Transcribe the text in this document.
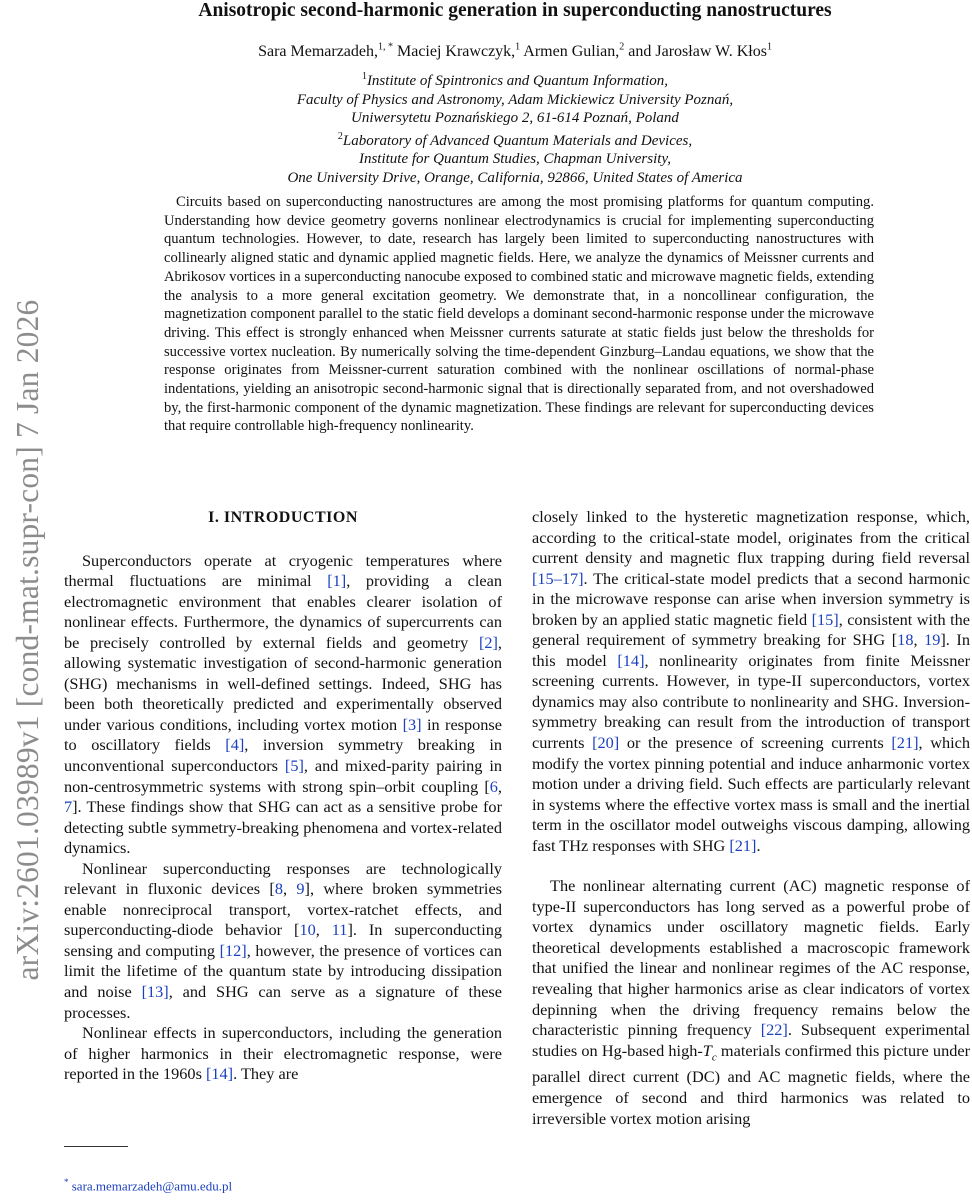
arXiv:2601.03989v1 [cond-mat.supr-con] 7 Jan 2026
Anisotropic second-harmonic generation in superconducting nanostructures
Sara Memarzadeh,$^{1, *}$ Maciej Krawczyk,$^1$ Armen Gulian,$^2$ and Jarosław W. Kłos$^1$
$^1$Institute of Spintronics and Quantum Information,
Faculty of Physics and Astronomy, Adam Mickiewicz University Poznań,
Uniwersytetu Poznańskiego 2, 61-614 Poznań, Poland
$^2$Laboratory of Advanced Quantum Materials and Devices,
Institute for Quantum Studies, Chapman University,
One University Drive, Orange, California, 92866, United States of America
Circuits based on superconducting nanostructures are among the most promising platforms for quantum computing. Understanding how device geometry governs nonlinear electrodynamics is crucial for implementing superconducting quantum technologies. However, to date, research has largely been limited to superconducting nanostructures with collinearly aligned static and dynamic applied magnetic fields. Here, we analyze the dynamics of Meissner currents and Abrikosov vortices in a superconducting nanocube exposed to combined static and microwave magnetic fields, extending the analysis to a more general excitation geometry. We demonstrate that, in a noncollinear configuration, the magnetization component parallel to the static field develops a dominant second-harmonic response under the microwave driving. This effect is strongly enhanced when Meissner currents saturate at static fields just below the thresholds for successive vortex nucleation. By numerically solving the time-dependent Ginzburg–Landau equations, we show that the response originates from Meissner-current saturation combined with the nonlinear oscillations of normal-phase indentations, yielding an anisotropic second-harmonic signal that is directionally separated from, and not overshadowed by, the first-harmonic component of the dynamic magnetization. These findings are relevant for superconducting devices that require controllable high-frequency nonlinearity.
I. INTRODUCTION

Superconductors operate at cryogenic temperatures where thermal fluctuations are minimal [1], providing a clean electromagnetic environment that enables clearer isolation of nonlinear effects. Furthermore, the dynamics of supercurrents can be precisely controlled by external fields and geometry [2], allowing systematic investigation of second-harmonic generation (SHG) mechanisms in well-defined settings. Indeed, SHG has been both theoretically predicted and experimentally observed under various conditions, including vortex motion [3] in response to oscillatory fields [4], inversion symmetry breaking in unconventional superconductors [5], and mixed-parity pairing in non-centrosymmetric systems with strong spin–orbit coupling [6, 7]. These findings show that SHG can act as a sensitive probe for detecting subtle symmetry-breaking phenomena and vortex-related dynamics.

Nonlinear superconducting responses are technologically relevant in fluxonic devices [8, 9], where broken symmetries enable nonreciprocal transport, vortex-ratchet effects, and superconducting-diode behavior [10, 11]. In superconducting sensing and computing [12], however, the presence of vortices can limit the lifetime of the quantum state by introducing dissipation and noise [13], and SHG can serve as a signature of these processes.

Nonlinear effects in superconductors, including the generation of higher harmonics in their electromagnetic response, were reported in the 1960s [14]. They are

closely linked to the hysteretic magnetization response, which, according to the critical-state model, originates from the critical current density and magnetic flux trapping during field reversal [15–17]. The critical-state model predicts that a second harmonic in the microwave response can arise when inversion symmetry is broken by an applied static magnetic field [15], consistent with the general requirement of symmetry breaking for SHG [18, 19]. In this model [14], nonlinearity originates from finite Meissner screening currents. However, in type-II superconductors, vortex dynamics may also contribute to nonlinearity and SHG. Inversion-symmetry breaking can result from the introduction of transport currents [20] or the presence of screening currents [21], which modify the vortex pinning potential and induce anharmonic vortex motion under a driving field. Such effects are particularly relevant in systems where the effective vortex mass is small and the inertial term in the oscillator model outweighs viscous damping, allowing fast THz responses with SHG [21].

The nonlinear alternating current (AC) magnetic response of type-II superconductors has long served as a powerful probe of vortex dynamics under oscillatory magnetic fields. Early theoretical developments established a macroscopic framework that unified the linear and nonlinear regimes of the AC response, revealing that higher harmonics arise as clear indicators of vortex depinning when the driving frequency remains below the characteristic pinning frequency [22]. Subsequent experimental studies on Hg-based high-$T_c$ materials confirmed this picture under parallel direct current (DC) and AC magnetic fields, where the emergence of second and third harmonics was related to irreversible vortex motion arising

* sara.memarzadeh@amu.edu.pl
